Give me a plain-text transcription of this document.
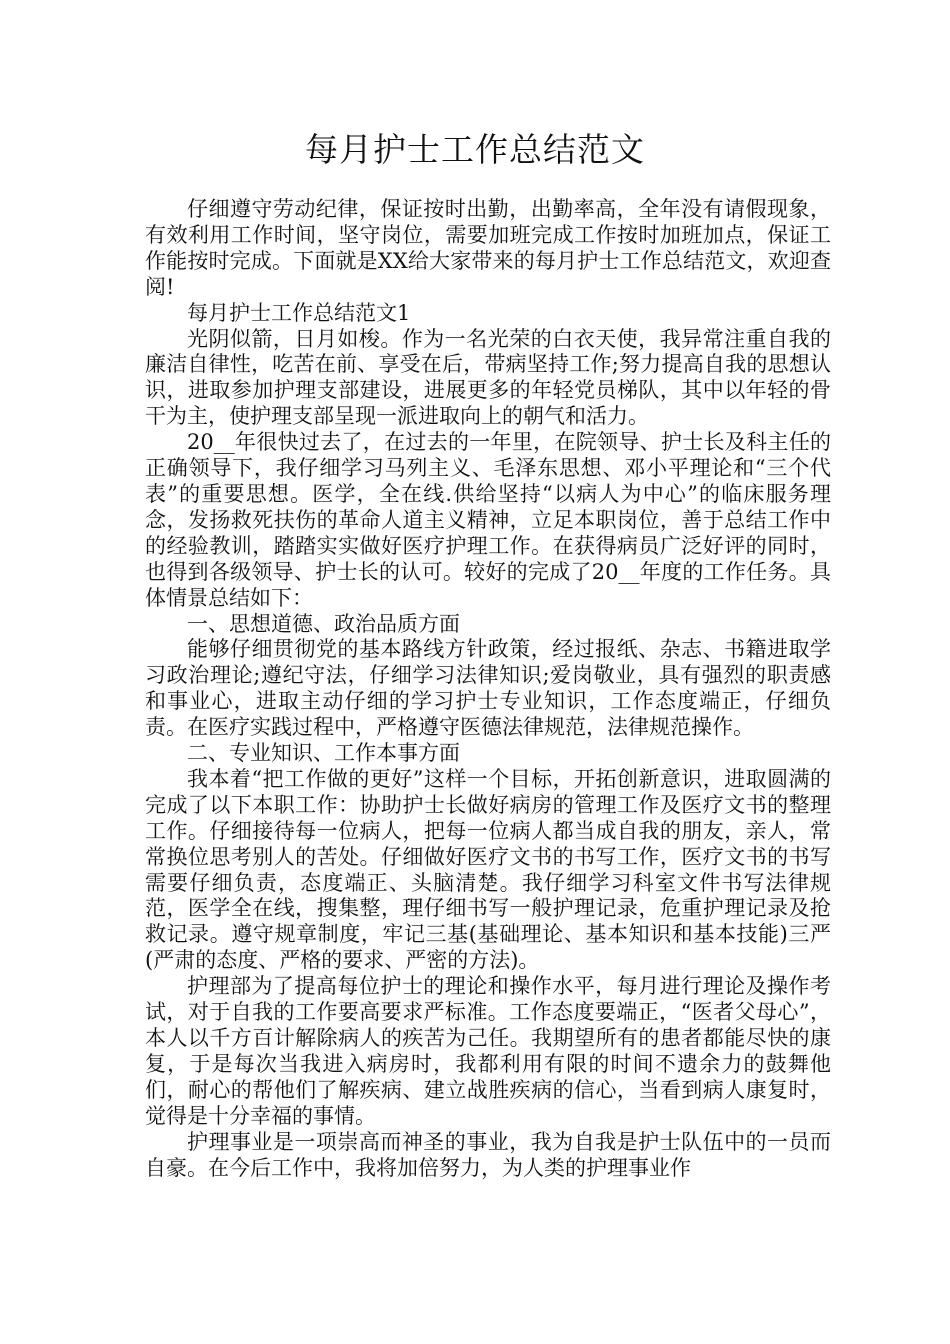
每月护士工作总结范文

仔细遵守劳动纪律，保证按时出勤，出勤率高，全年没有请假现象，有效利用工作时间，坚守岗位，需要加班完成工作按时加班加点，保证工作能按时完成。下面就是XX给大家带来的每月护士工作总结范文，欢迎查阅!

每月护士工作总结范文1

光阴似箭，日月如梭。作为一名光荣的白衣天使，我异常注重自我的廉洁自律性，吃苦在前、享受在后，带病坚持工作;努力提高自我的思想认识，进取参加护理支部建设，进展更多的年轻党员梯队，其中以年轻的骨干为主，使护理支部呈现一派进取向上的朝气和活力。

20__年很快过去了，在过去的一年里，在院领导、护士长及科主任的正确领导下，我仔细学习马列主义、毛泽东思想、邓小平理论和“三个代表”的重要思想。医学，全在线.供给坚持“以病人为中心”的临床服务理念，发扬救死扶伤的革命人道主义精神，立足本职岗位，善于总结工作中的经验教训，踏踏实实做好医疗护理工作。在获得病员广泛好评的同时，也得到各级领导、护士长的认可。较好的完成了20__年度的工作任务。具体情景总结如下：

一、思想道德、政治品质方面

能够仔细贯彻党的基本路线方针政策，经过报纸、杂志、书籍进取学习政治理论;遵纪守法，仔细学习法律知识;爱岗敬业，具有强烈的职责感和事业心，进取主动仔细的学习护士专业知识，工作态度端正，仔细负责。在医疗实践过程中，严格遵守医德法律规范，法律规范操作。

二、专业知识、工作本事方面

我本着“把工作做的更好”这样一个目标，开拓创新意识，进取圆满的完成了以下本职工作：协助护士长做好病房的管理工作及医疗文书的整理工作。仔细接待每一位病人，把每一位病人都当成自我的朋友，亲人，常常换位思考别人的苦处。仔细做好医疗文书的书写工作，医疗文书的书写需要仔细负责，态度端正、头脑清楚。我仔细学习科室文件书写法律规范，医学全在线，搜集整，理仔细书写一般护理记录，危重护理记录及抢救记录。遵守规章制度，牢记三基(基础理论、基本知识和基本技能)三严(严肃的态度、严格的要求、严密的方法)。

护理部为了提高每位护士的理论和操作水平，每月进行理论及操作考试，对于自我的工作要高要求严标准。工作态度要端正，“医者父母心”，本人以千方百计解除病人的疾苦为己任。我期望所有的患者都能尽快的康复，于是每次当我进入病房时，我都利用有限的时间不遗余力的鼓舞他们，耐心的帮他们了解疾病、建立战胜疾病的信心，当看到病人康复时，觉得是十分幸福的事情。

护理事业是一项崇高而神圣的事业，我为自我是护士队伍中的一员而自豪。在今后工作中，我将加倍努力，为人类的护理事业作
